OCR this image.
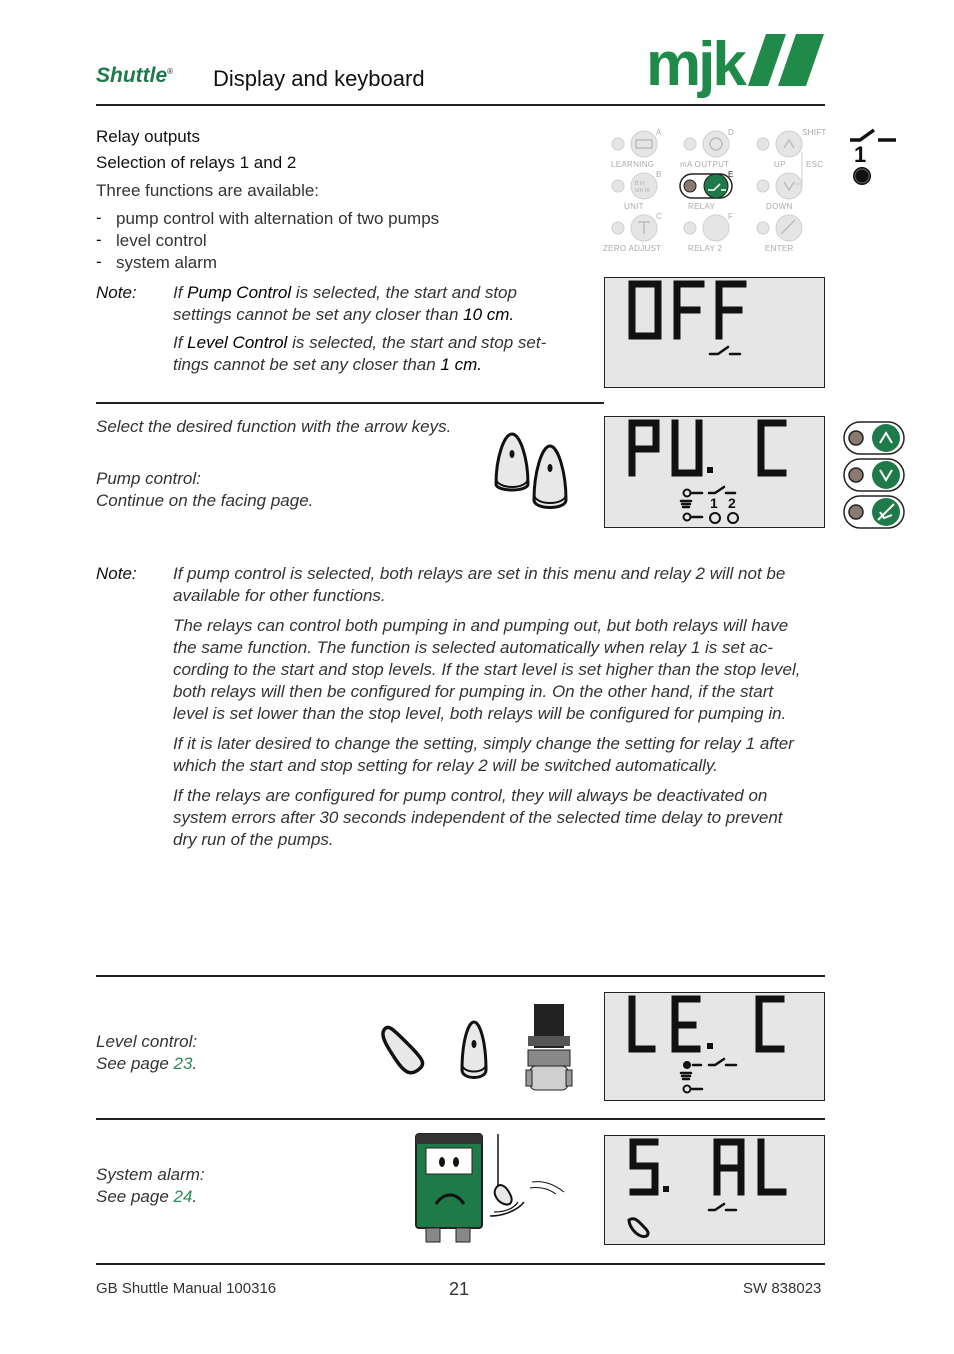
Shuttle® Display and keyboard	mjk

Relay outputs

Selection of relays 1 and 2

Three functions are available:

- pump control with alternation of two pumps

- level control

- system alarm

Note: If Pump Control is selected, the start and stop

settings cannot be set any closer than 10 cm.

If Level Control is selected, the start and stop set-

tings cannot be set any closer than 1 cm.

ft in
cm m
LEARNING	mA OUTPUT
SHIFT
ESC
UP
UNIT	RELAY	DOWN
ZERO ADJUST	RELAY 2	ENTER
A	D
B	E
C	F
1

Select the desired function with the arrow keys.

Pump control:

Continue on the facing page.	1 2

Note: If pump control is selected, both relays are set in this menu and relay 2 will not be
available for other functions.
The relays can control both pumping in and pumping out, but both relays will have
the same function. The function is selected automatically when relay 1 is set ac-
cording to the start and stop levels. If the start level is set higher than the stop level,
both relays will then be configured for pumping in. On the other hand, if the start
level is set lower than the stop level, both relays will be configured for pumping in.
If it is later desired to change the setting, simply change the setting for relay 1 after
which the start and stop setting for relay 2 will be switched automatically.
If the relays are configured for pump control, they will always be deactivated on
system errors after 30 seconds independent of the selected time delay to prevent
dry run of the pumps.

Level control:

See page 23.

System alarm:

See page 24.

GB Shuttle Manual 100316	21	SW 838023
